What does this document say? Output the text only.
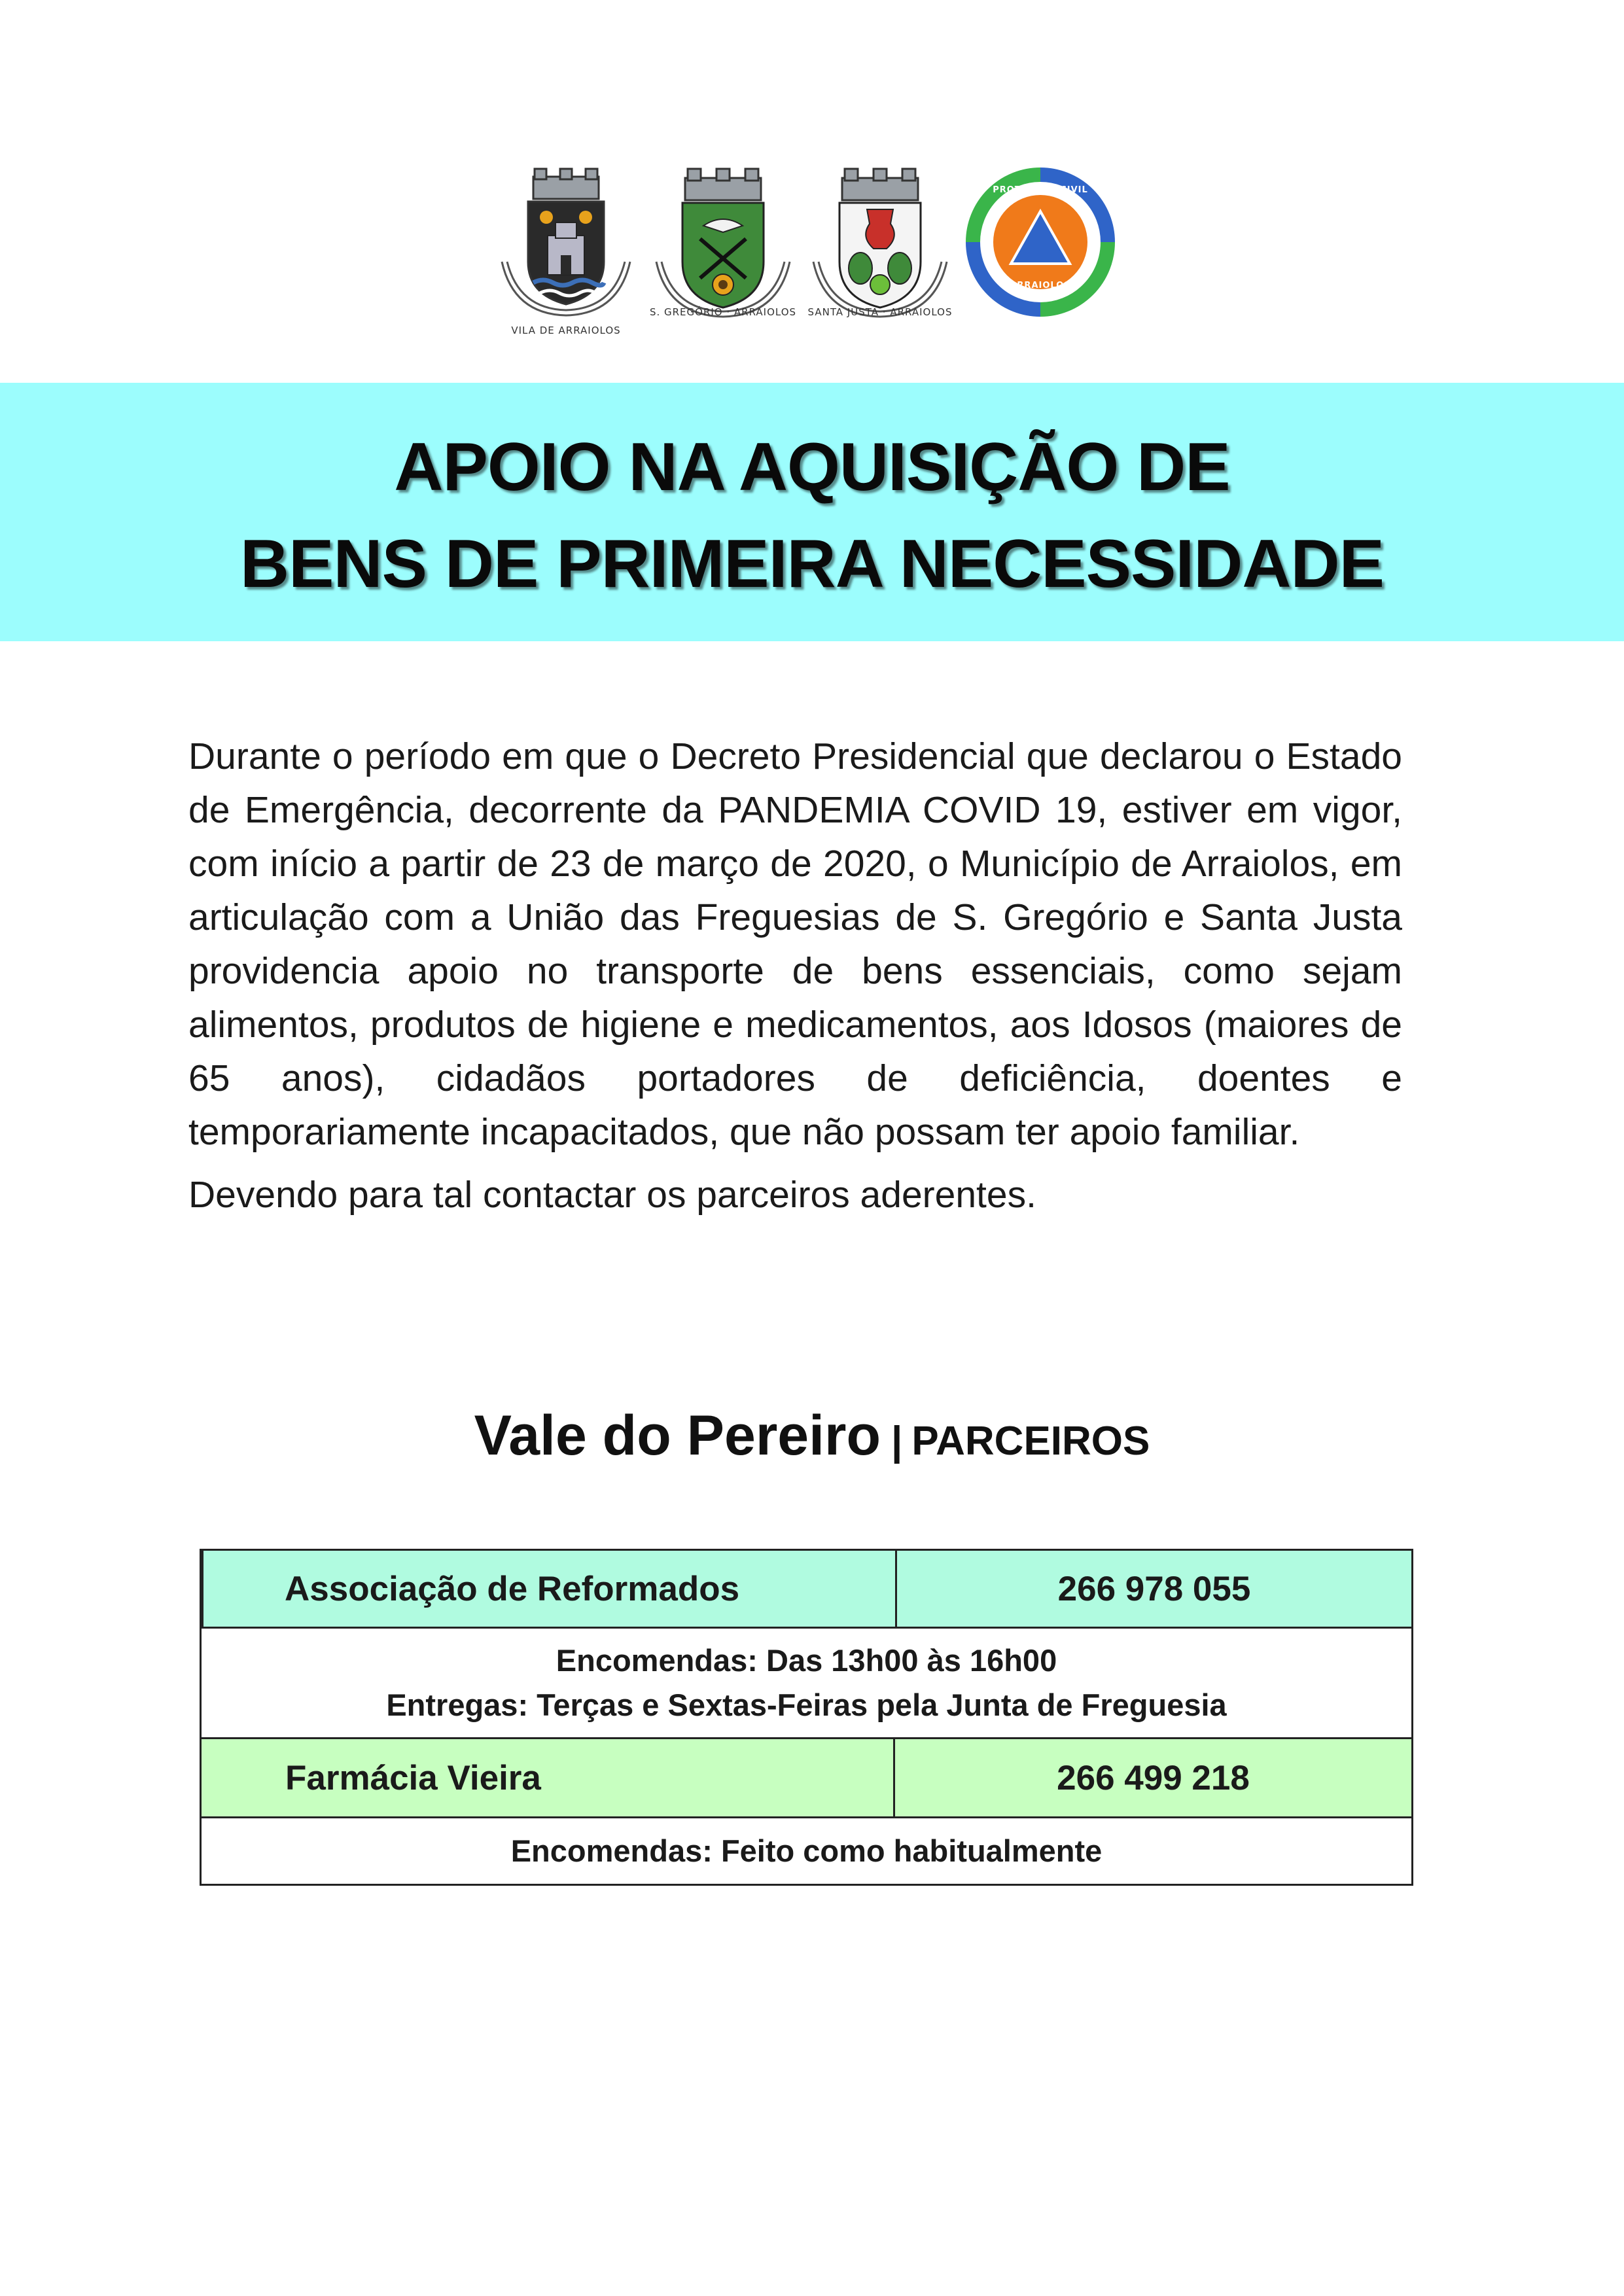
VILA DE ARRAIOLOS
S. GREGÓRIO · ARRAIOLOS	SANTA JUSTA · ARRAIOLOS
PROTECÇÃO CIVIL
ARRAIOLOS
APOIO NA AQUISIÇÃO DE
BENS DE PRIMEIRA NECESSIDADE

Durante o período em que o Decreto Presidencial que declarou o Estado de Emergência, decorrente da PANDEMIA COVID 19, estiver em vigor, com início a partir de 23 de março de 2020, o Município de Arraiolos, em articulação com a União das Freguesias de S. Gregório e Santa Justa providencia apoio no transporte de bens essenciais, como sejam alimentos, produtos de higiene e medicamentos, aos Idosos (maiores de 65 anos), cidadãos portadores de deficiência, doentes e temporariamente incapacitados, que não possam ter apoio familiar.

Devendo para tal contactar os parceiros aderentes.

Vale do Pereiro | PARCEIROS
Associação de Reformados	266 978 055
Encomendas: Das 13h00 às 16h00
Entregas: Terças e Sextas-Feiras pela Junta de Freguesia
Farmácia Vieira	266 499 218
Encomendas: Feito como habitualmente
